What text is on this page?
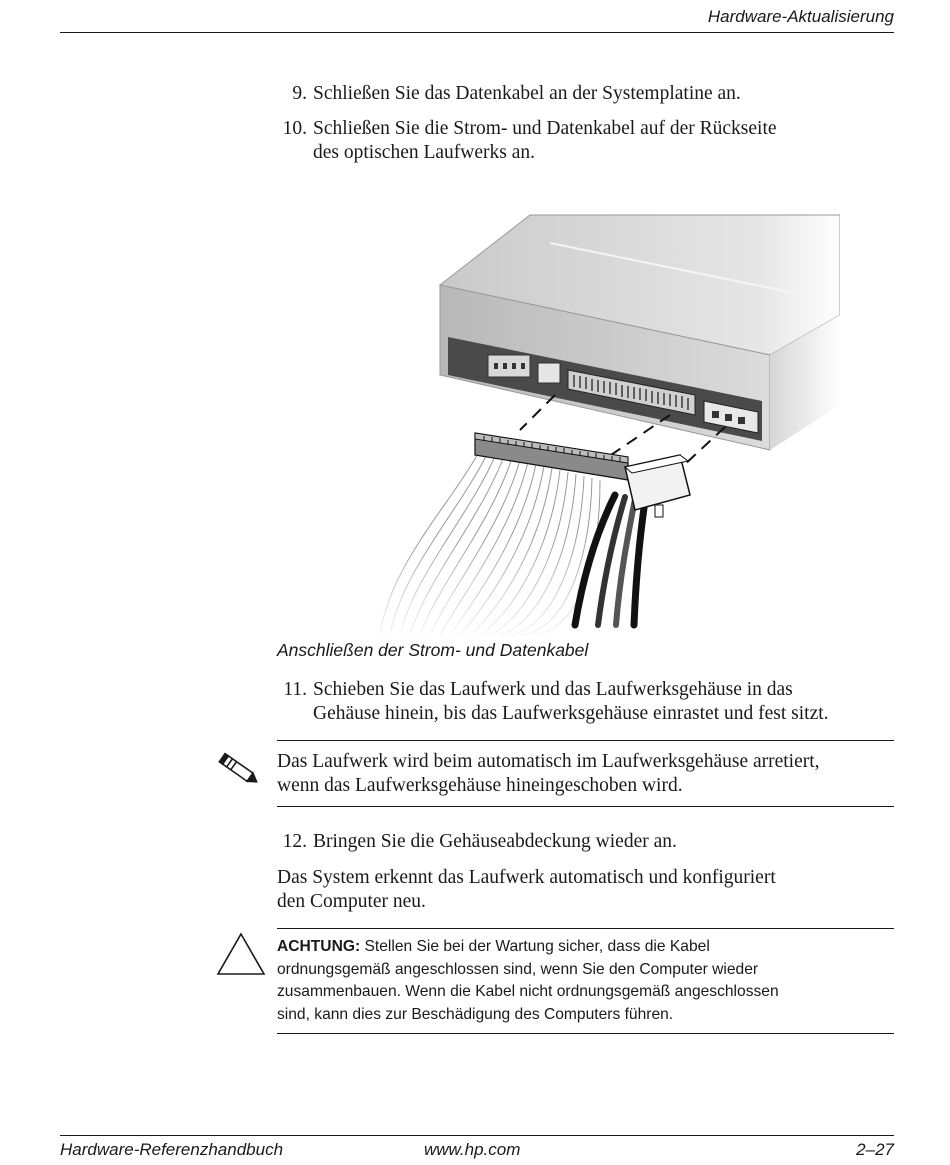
Hardware-Aktualisierung
9. Schließen Sie das Datenkabel an der Systemplatine an.
10. Schließen Sie die Strom- und Datenkabel auf der Rückseite
des optischen Laufwerks an.
Anschließen der Strom- und Datenkabel
11. Schieben Sie das Laufwerk und das Laufwerksgehäuse in das
Gehäuse hinein, bis das Laufwerksgehäuse einrastet und fest sitzt.
Das Laufwerk wird beim automatisch im Laufwerksgehäuse arretiert,
wenn das Laufwerksgehäuse hineingeschoben wird.
12. Bringen Sie die Gehäuseabdeckung wieder an.
Das System erkennt das Laufwerk automatisch und konfiguriert
den Computer neu.
ACHTUNG: Stellen Sie bei der Wartung sicher, dass die Kabel
ordnungsgemäß angeschlossen sind, wenn Sie den Computer wieder
zusammenbauen. Wenn die Kabel nicht ordnungsgemäß angeschlossen
sind, kann dies zur Beschädigung des Computers führen.
Hardware-Referenzhandbuch	www.hp.com	2–27
